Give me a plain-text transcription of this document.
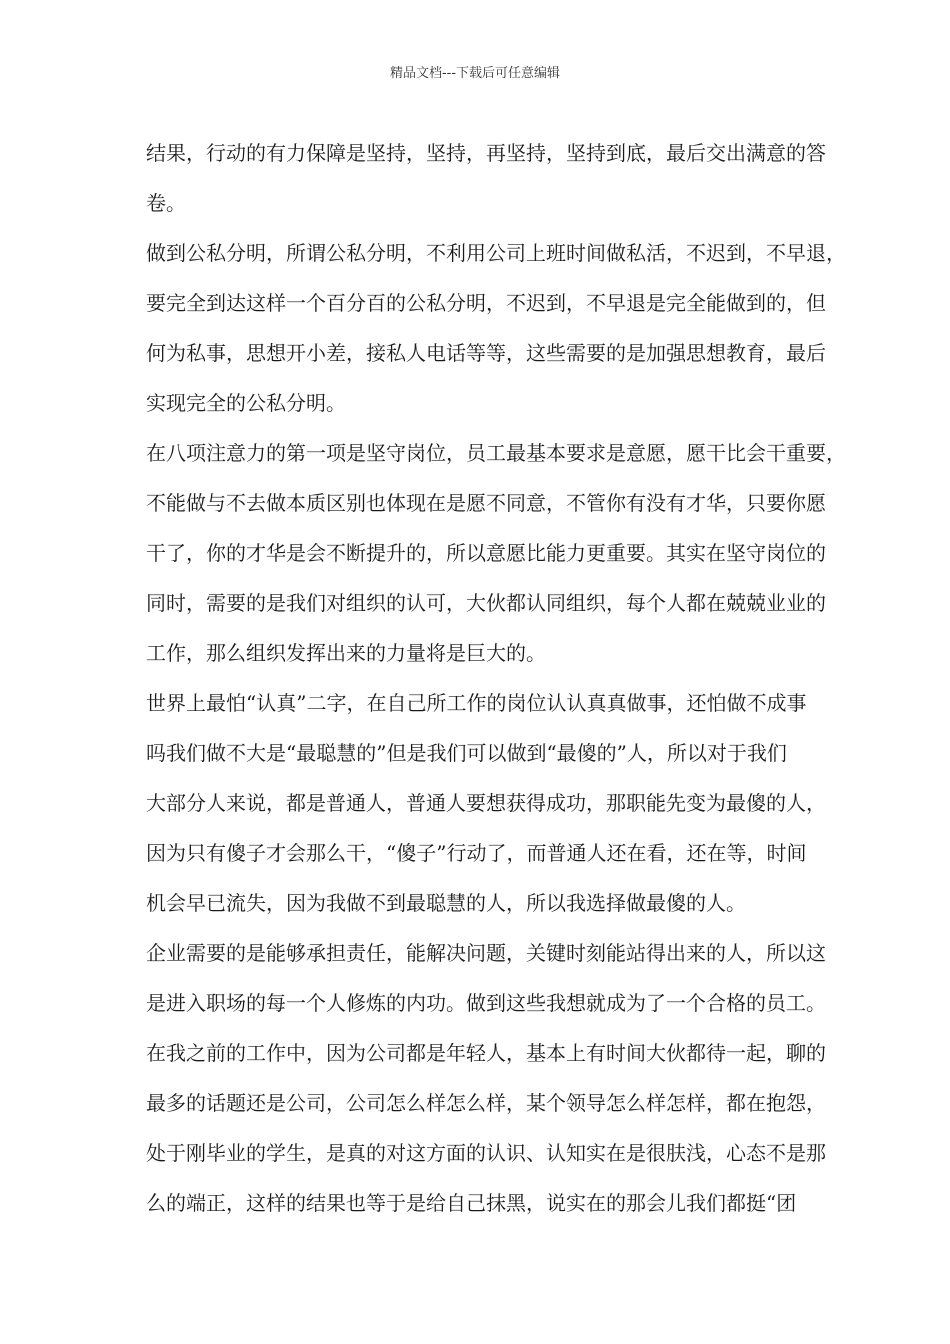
精品文档---下载后可任意编辑
结果，行动的有力保障是坚持，坚持，再坚持，坚持到底，最后交出满意的答
卷。
做到公私分明，所谓公私分明，不利用公司上班时间做私活，不迟到，不早退，
要完全到达这样一个百分百的公私分明，不迟到，不早退是完全能做到的，但
何为私事，思想开小差，接私人电话等等，这些需要的是加强思想教育，最后
实现完全的公私分明。
在八项注意力的第一项是坚守岗位，员工最基本要求是意愿，愿干比会干重要，
不能做与不去做本质区别也体现在是愿不同意，不管你有没有才华，只要你愿
干了，你的才华是会不断提升的，所以意愿比能力更重要。其实在坚守岗位的
同时，需要的是我们对组织的认可，大伙都认同组织，每个人都在兢兢业业的
工作，那么组织发挥出来的力量将是巨大的。
世界上最怕“认真”二字，在自己所工作的岗位认认真真做事，还怕做不成事
吗我们做不大是“最聪慧的”但是我们可以做到“最傻的”人，所以对于我们
大部分人来说，都是普通人，普通人要想获得成功，那职能先变为最傻的人，
因为只有傻子才会那么干，“傻子”行动了，而普通人还在看，还在等，时间
机会早已流失，因为我做不到最聪慧的人，所以我选择做最傻的人。
企业需要的是能够承担责任，能解决问题，关键时刻能站得出来的人，所以这
是进入职场的每一个人修炼的内功。做到这些我想就成为了一个合格的员工。
在我之前的工作中，因为公司都是年轻人，基本上有时间大伙都待一起，聊的
最多的话题还是公司，公司怎么样怎么样，某个领导怎么样怎样，都在抱怨，
处于刚毕业的学生，是真的对这方面的认识、认知实在是很肤浅，心态不是那
么的端正，这样的结果也等于是给自己抹黑，说实在的那会儿我们都挺“团
